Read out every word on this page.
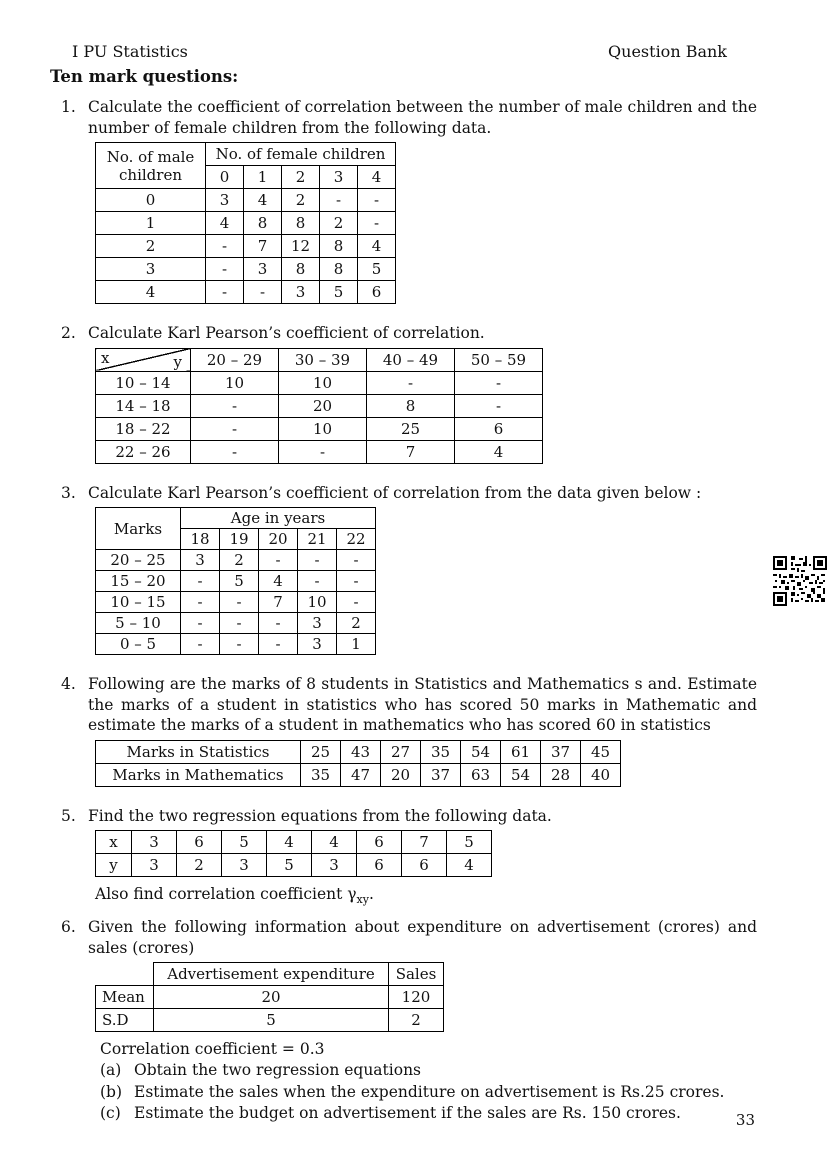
I PU Statistics	Question Bank
Ten mark questions:
1. Calculate the coefficient of correlation between the number of male children and the number of female children from the following data.

No. of male children	No. of female children				
	0	1	2	3	4
0	3	4	2	-	-
1	4	8	8	2	-
2	-	7	12	8	4
3	-	3	8	8	5
4	-	-	3	5	6
2. Calculate Karl Pearson’s coefficient of correlation.

x y	20 – 29	30 – 39	40 – 49	50 – 59
10 – 14	10	10	-	-
14 – 18	-	20	8	-
18 – 22	-	10	25	6
22 – 26	-	-	7	4
3. Calculate Karl Pearson’s coefficient of correlation from the data given below :

Marks	Age in years				
	18	19	20	21	22
20 – 25	3	2	-	-	-
15 – 20	-	5	4	-	-
10 – 15	-	-	7	10	-
5 – 10	-	-	-	3	2
0 – 5	-	-	-	3	1
4. Following are the marks of 8 students in Statistics and Mathematics s and. Estimate the marks of a student in statistics who has scored 50 marks in Mathematic and estimate the marks of a student in mathematics who has scored 60 in statistics

Marks in Statistics	25	43	27	35	54	61	37	45
Marks in Mathematics	35	47	20	37	63	54	28	40
5. Find the two regression equations from the following data.

x	3	6	5	4	4	6	7	5
y	3	2	3	5	3	6	6	4

Also find correlation coefficient $\gamma_{xy}$.

6. Given the following information about expenditure on advertisement (crores) and sales (crores)

	Advertisement expenditure	Sales
Mean	20	120
S.D	5	2

Correlation coefficient = 0.3

(a) Obtain the two regression equations
(b) Estimate the sales when the expenditure on advertisement is Rs.25 crores.
(c) Estimate the budget on advertisement if the sales are Rs. 150 crores.	33
